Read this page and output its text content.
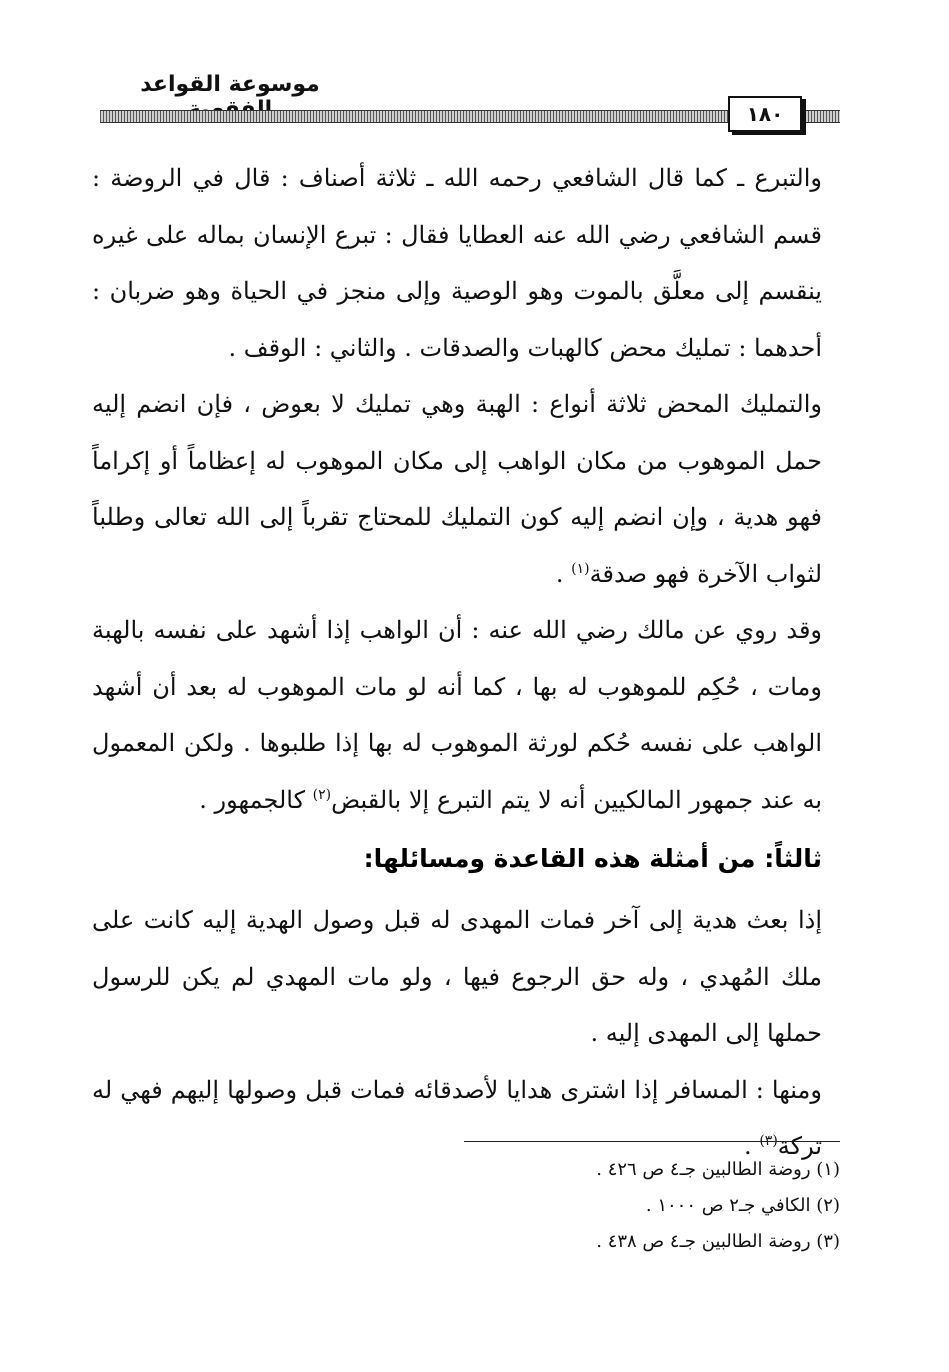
موسوعة القواعد
١٨٠

والتبرع ـ كما قال الشافعي رحمه الله ـ ثلاثة أصناف : قال في الروضة : قسم الشافعي رضي الله عنه العطايا فقال : تبرع الإنسان بماله على غيره ينقسم إلى معلَّق بالموت وهو الوصية وإلى منجز في الحياة وهو ضربان : أحدهما : تمليك محض كالهبات والصدقات . والثاني : الوقف .

والتمليك المحض ثلاثة أنواع : الهبة وهي تمليك لا بعوض ، فإن انضم إليه حمل الموهوب من مكان الواهب إلى مكان الموهوب له إعظاماً أو إكراماً فهو هدية ، وإن انضم إليه كون التمليك للمحتاج تقرباً إلى الله تعالى وطلباً لثواب الآخرة فهو صدقة$^{(١)}$ .

وقد روي عن مالك رضي الله عنه : أن الواهب إذا أشهد على نفسه بالهبة ومات ، حُكِم للموهوب له بها ، كما أنه لو مات الموهوب له بعد أن أشهد الواهب على نفسه حُكم لورثة الموهوب له بها إذا طلبوها . ولكن المعمول به عند جمهور المالكيين أنه لا يتم التبرع إلا بالقبض$^{(٢)}$ كالجمهور .

ثالثاً: من أمثلة هذه القاعدة ومسائلها:

إذا بعث هدية إلى آخر فمات المهدى له قبل وصول الهدية إليه كانت على ملك المُهدي ، وله حق الرجوع فيها ، ولو مات المهدي لم يكن للرسول حملها إلى المهدى إليه .

ومنها : المسافر إذا اشترى هدايا لأصدقائه فمات قبل وصولها إليهم فهي له تركة$^{(٣)}$ .

(١) روضة الطالبين جـ٤ ص ٤٢٦ .

(٢) الكافي جـ٢ ص ١٠٠٠ .

(٣) روضة الطالبين جـ٤ ص ٤٣٨ .
